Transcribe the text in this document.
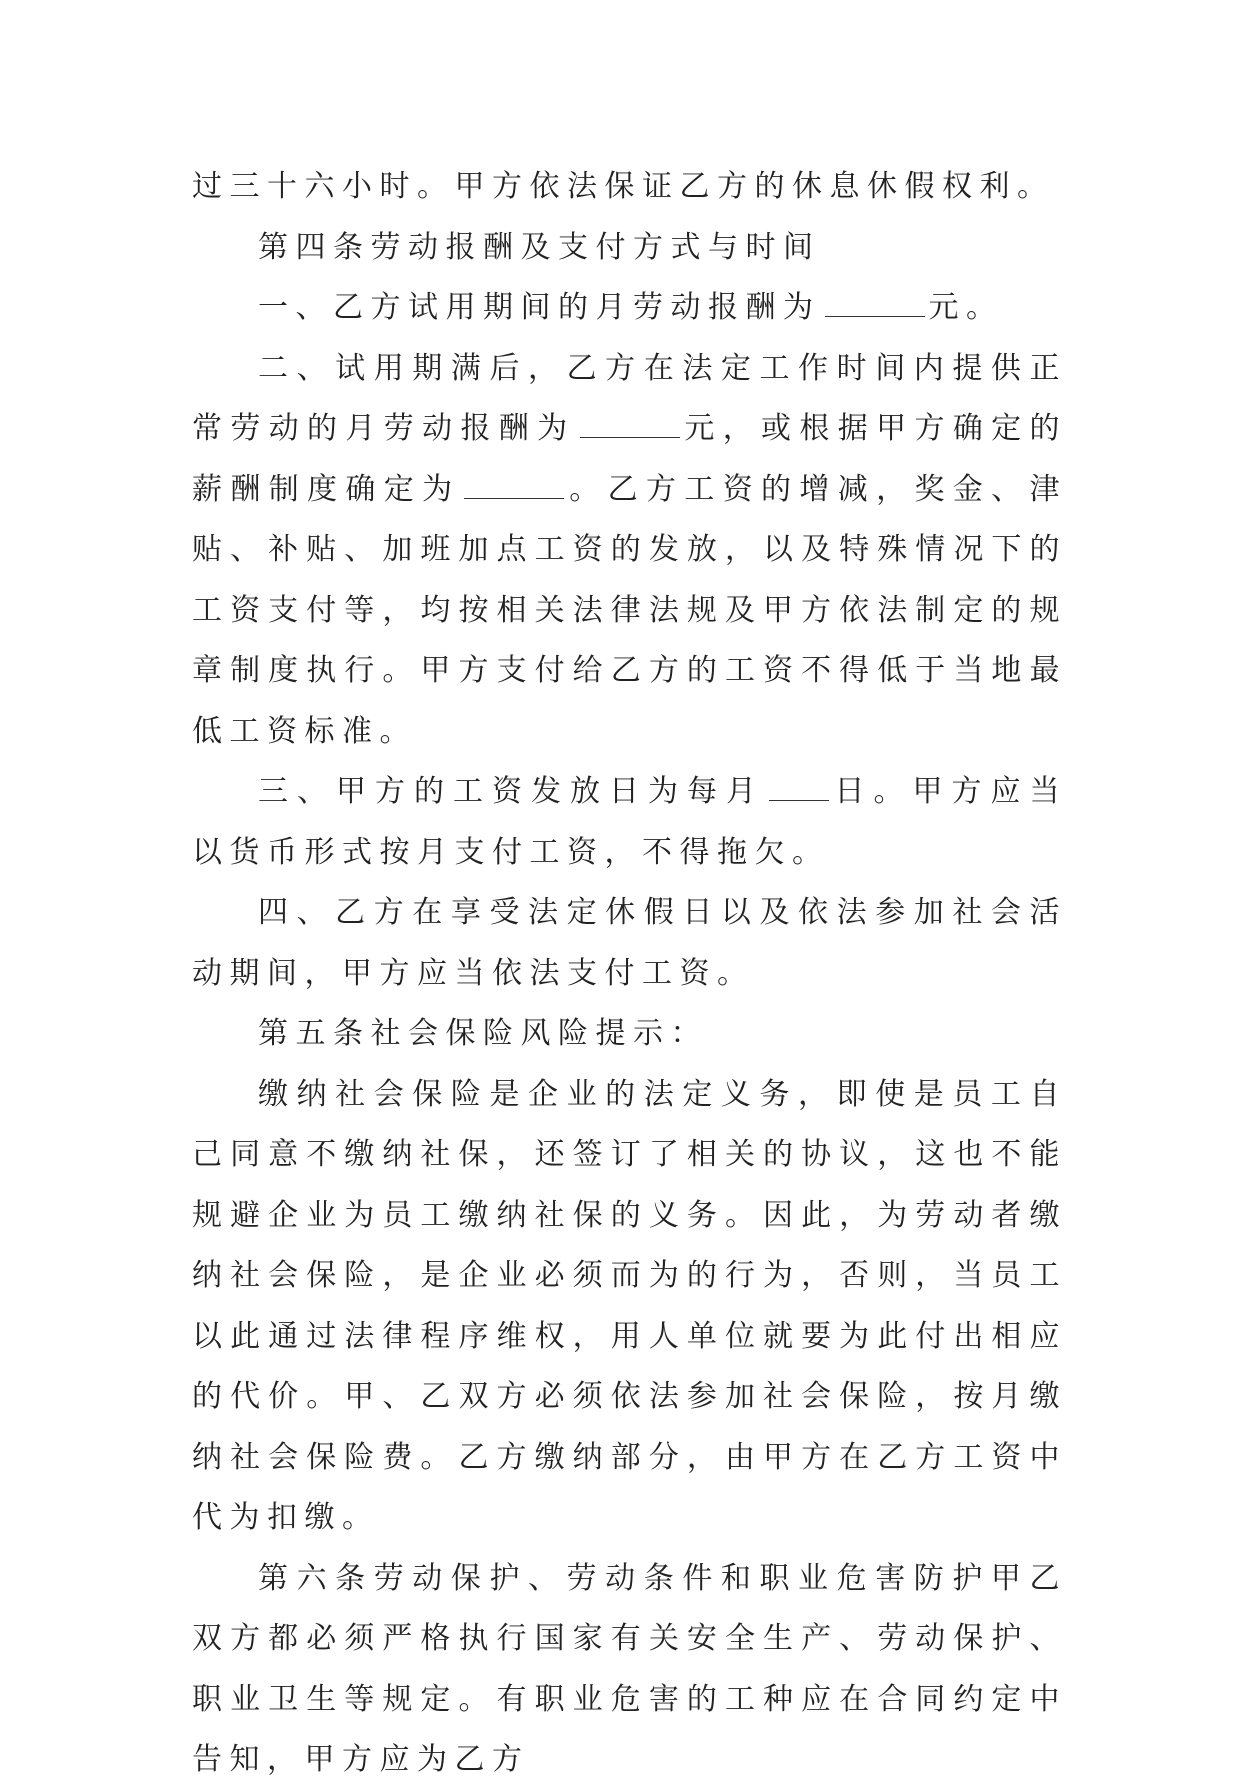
过三十六小时。甲方依法保证乙方的休息休假权利。

第四条劳动报酬及支付方式与时间

一、乙方试用期间的月劳动报酬为	元。

二、试用期满后，乙方在法定工作时间内提供正常劳动的月劳动报酬为	元，或根据甲方确定的薪酬制度确定为	。乙方工资的增减，奖金、津贴、补贴、加班加点工资的发放，以及特殊情况下的工资支付等，均按相关法律法规及甲方依法制定的规章制度执行。甲方支付给乙方的工资不得低于当地最低工资标准。

三、甲方的工资发放日为每月 日。甲方应当以货币形式按月支付工资，不得拖欠。

四、乙方在享受法定休假日以及依法参加社会活动期间，甲方应当依法支付工资。

第五条社会保险风险提示：

缴纳社会保险是企业的法定义务，即使是员工自己同意不缴纳社保，还签订了相关的协议，这也不能规避企业为员工缴纳社保的义务。因此，为劳动者缴纳社会保险，是企业必须而为的行为，否则，当员工以此通过法律程序维权，用人单位就要为此付出相应的代价。甲、乙双方必须依法参加社会保险，按月缴纳社会保险费。乙方缴纳部分，由甲方在乙方工资中代为扣缴。

第六条劳动保护、劳动条件和职业危害防护甲乙双方都必须严格执行国家有关安全生产、劳动保护、职业卫生等规定。有职业危害的工种应在合同约定中告知，甲方应为乙方
